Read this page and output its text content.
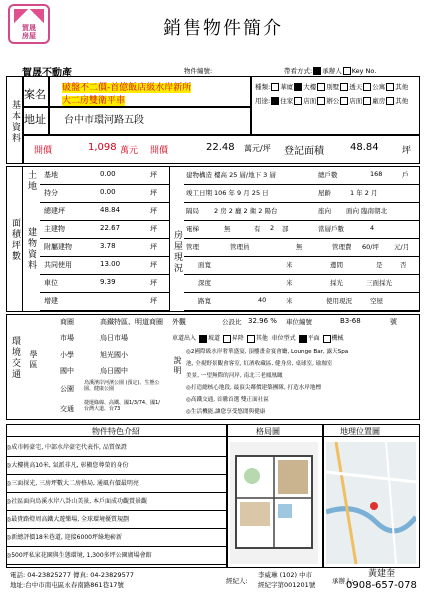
賀晟
房屋
賀晟不動產
銷售物件簡介
物件編號:	帶看方式: 承辦人 Key No.
基本資料
案名 破盤不二價-首億飯店級水岸新所
大二房雙衛平車
地址 台中市環河路五段
種類: 華廈 大樓 別墅 透天 公寓 其他
用途: 住家 店面 辦公 店面 廠房 其他
開價	1,098 萬元 開價	22.48 萬元/坪 登記面積	48.84	坪
面積坪數
土地
建物資料	房屋現況
環境交通
商圈	高鐵特區、明道商圈
市場	烏日市場
學區	小學	旭光國小
國中	烏日國中
公園
烏溪濱岸河濱公園 (預定)、生態公園、健康公園
交通
捷運綠線、高鐵、國1/3/74、國1/台灣大道、台73
外觀	公設比 32.96 % 車位編號	B3-68	號
車道出入 坡道 昇降 其他 車位型式 平面 機械
說明
物件特色介紹	格局圖	地理位置圖
電話: 04-23825277 傳真: 04-23829577
地址:台中市南屯區永春南路861巷17號	經紀人:
李威琳 (102) 中市
經紀字第001201號	承辦人:
黃建奎
0908-657-078
基地	0.00	坪
持分	0.00	坪
總建坪	48.84	坪
主建物	22.67	坪
附屬建物	3.78	坪
共同使用	13.00	坪
車位	9.39	坪
增建	坪
建物構造 樓高 25 層/地下 3 層	總戶數	168	戶
竣工日期 106 年 9 月 25 日	屋齡	1 年 2 月
隔局 2 房 2 廳 2 衛 2 陽台	座向 面向 臨南朝北
電梯	無	有 2 部	當層戶數	4
管理	管理員	無	管理費 60/坪 元/月
面寬	米	邊間	是	否
深度	米	採光	三面採光
路寬	40	米	使用現況	空屋
◎2國際級水岸奢華盛宴, 頂樓畫金宴會廳, Lounge Bar, 露天Spa
池, 全視野景觀會客室, 紅酒收藏區, 健身房, 桌球室, 瑜珈室
美景, 一望無際的河岸, 南北三老鳳凰瞰
◎打造總核心地段, 最頂尖鄰價建築團隊, 打造水岸地標
◎高鐵交通, 首購首選 雙正面社區
◎生活機能,讓您享受悠閒與健康
◎成市輕豪宅, 中部水岸豪宅代表作, 品質保證
◎大樓挑高10米, 氣派非凡, 彰顯您尊榮的身份
◎三面採光, 三房坪數大二房格局, 通風有價最明亮
◎社區面向烏溪水岸八卦山美景, 本戶面成功觀賞景觀
◎最貴路燈周高鐵大遊樂場, 全球環境優質規劃
◎新總評價18米巷道, 迎接6000坪綠地嶄新
◎500坪私家花園與生態環境, 1,300多坪公園廣場會館
